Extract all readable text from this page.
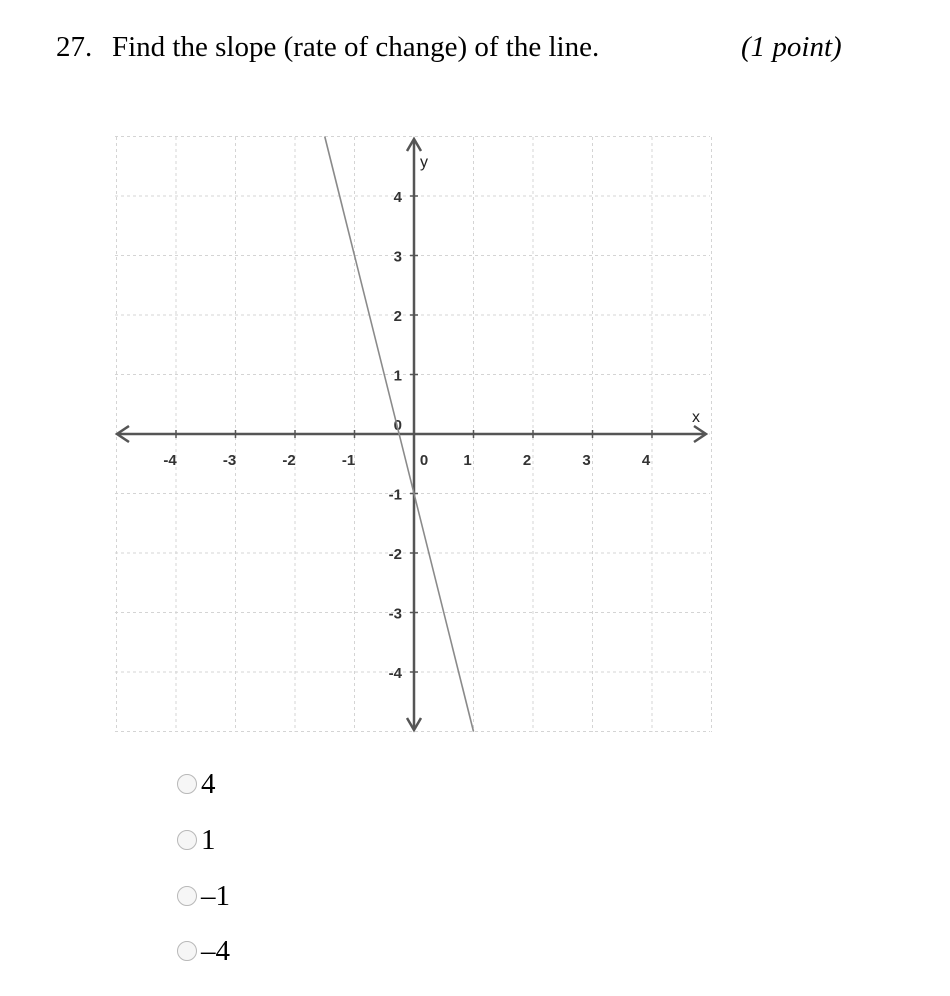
27. Find the slope (rate of change) of the line.	(1 point)
-4	-3	-2	-1	0 1	2	3	4
4
3
2
1
0
-1
-2
-3
-4
x
y
4
1
–1
–4
